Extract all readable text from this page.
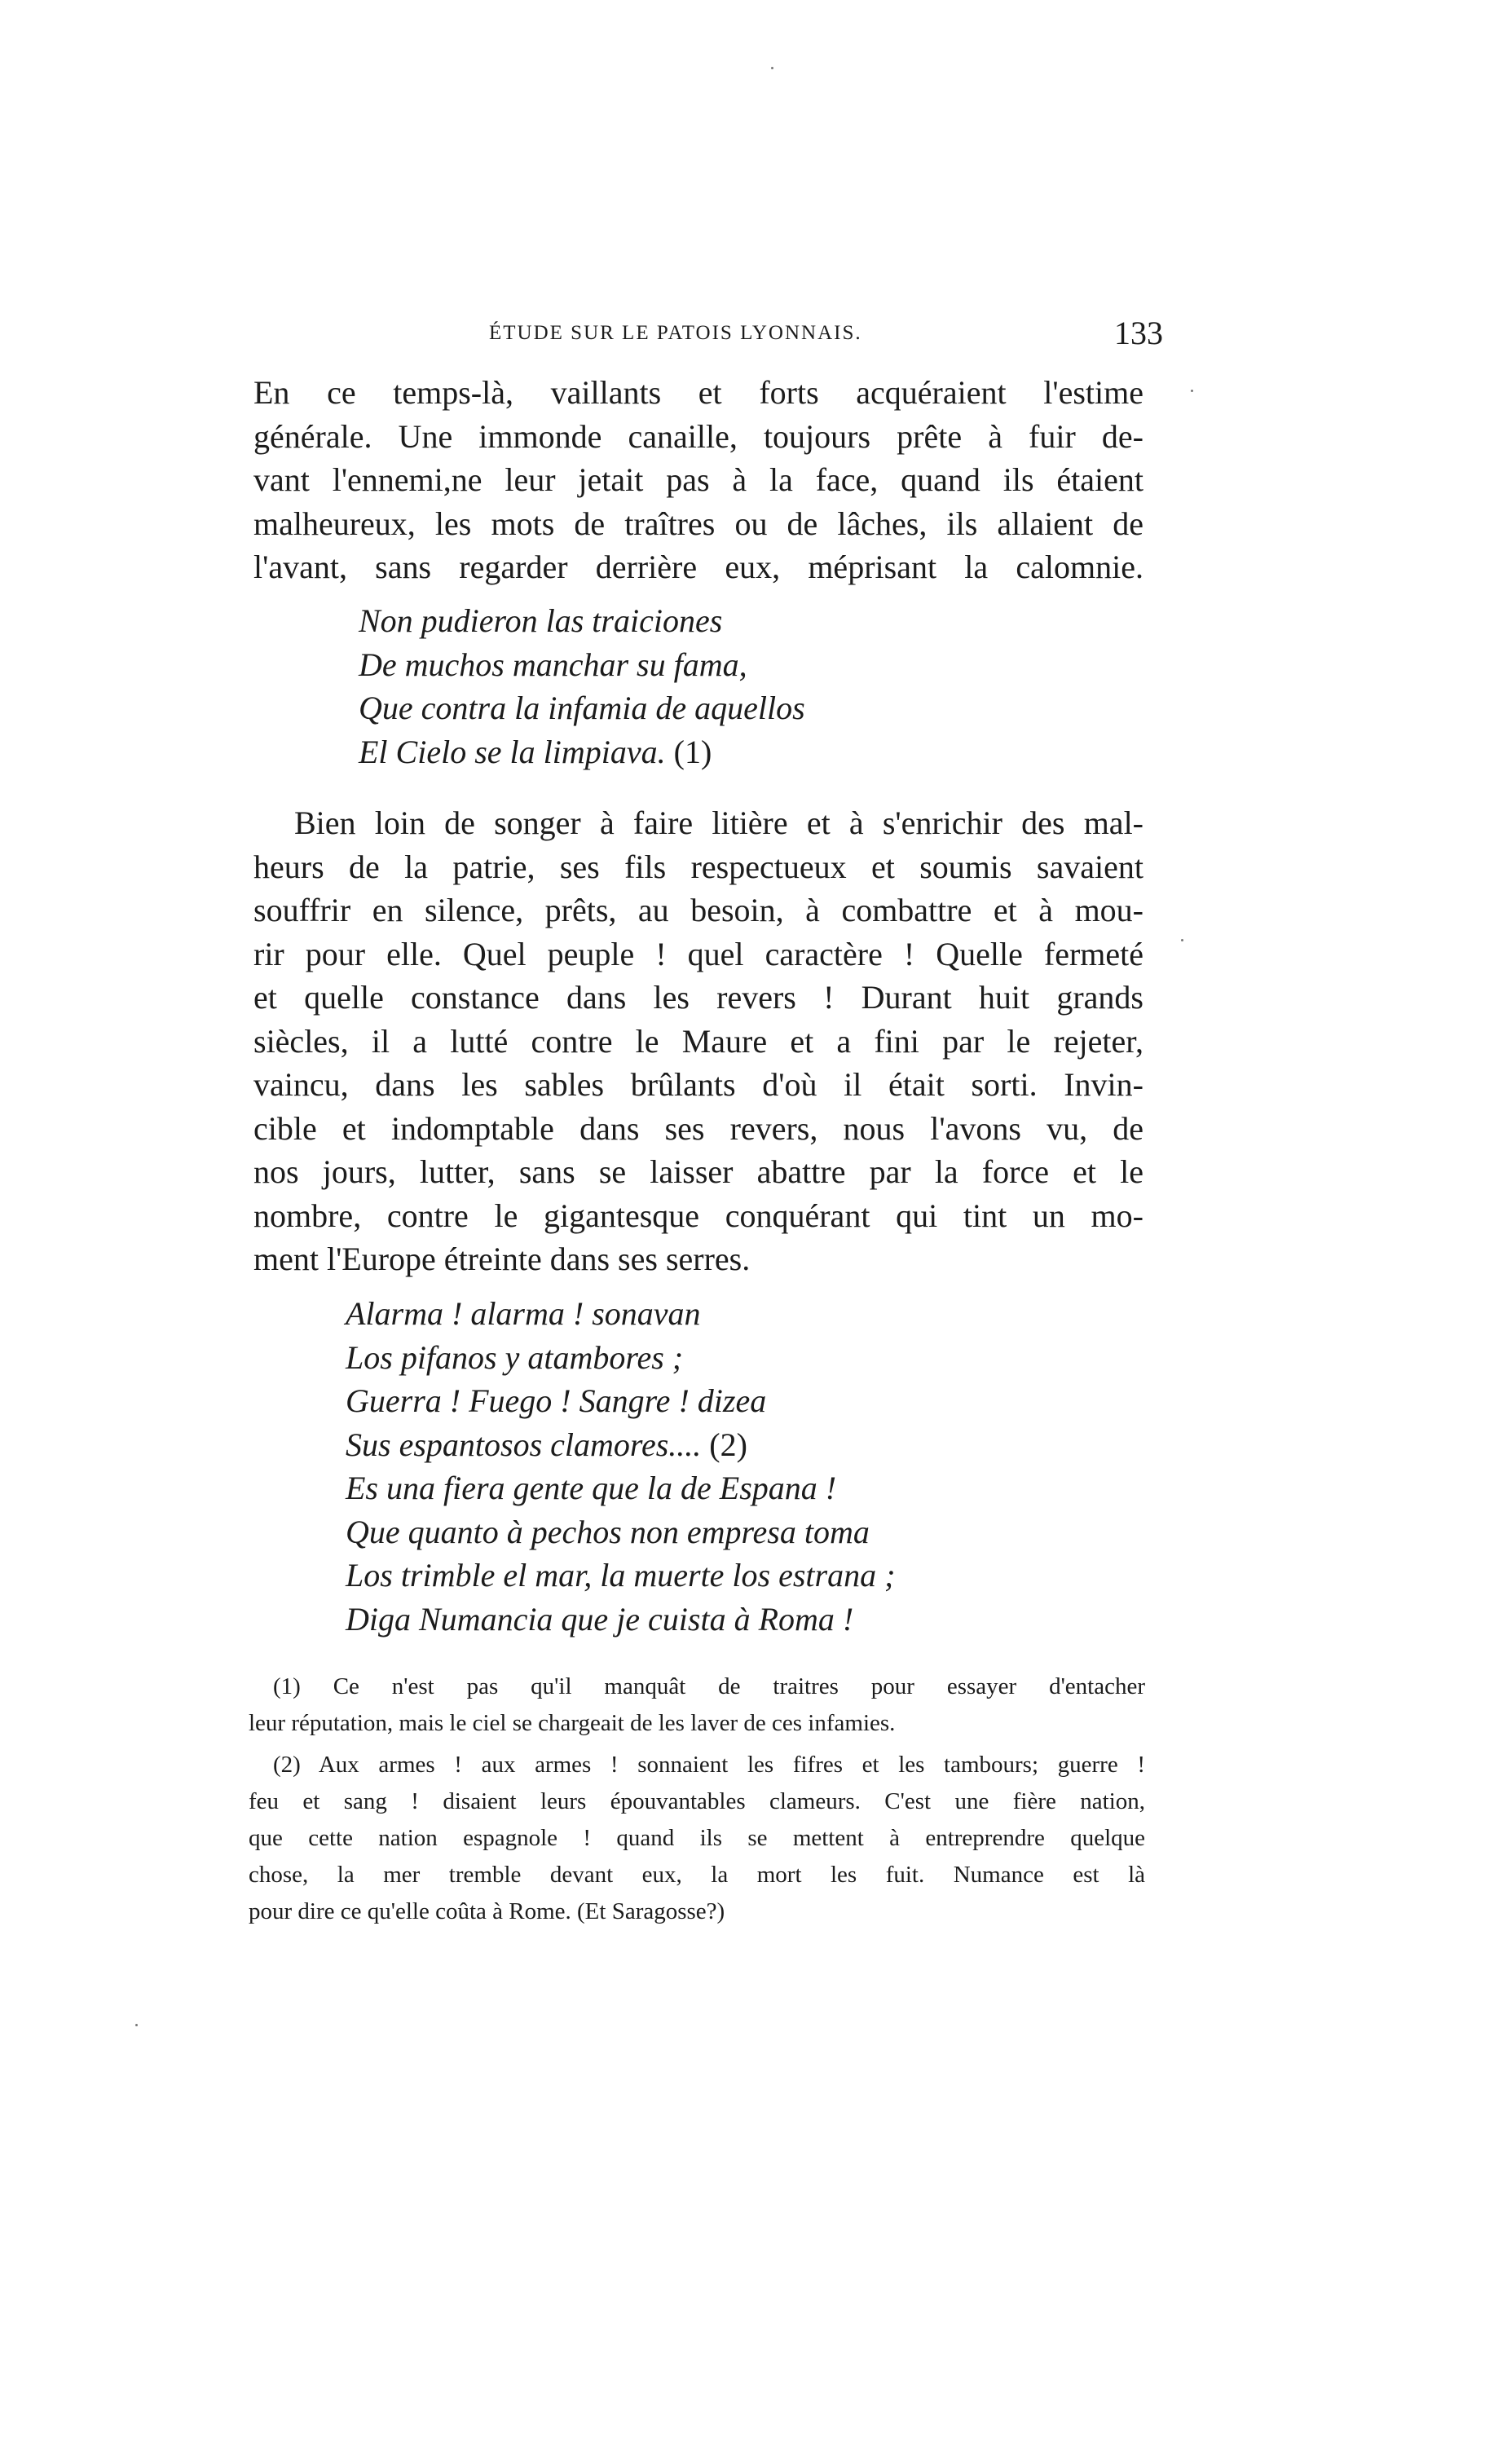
ÉTUDE SUR LE PATOIS LYONNAIS.	133
En ce temps-là, vaillants et forts acquéraient l'estime
générale. Une immonde canaille, toujours prête à fuir de-
vant l'ennemi,ne leur jetait pas à la face, quand ils étaient
malheureux, les mots de traîtres ou de lâches, ils allaient de
l'avant, sans regarder derrière eux, méprisant la calomnie.
Non pudieron las traiciones
De muchos manchar su fama,
Que contra la infamia de aquellos
El Cielo se la limpiava. (1)
Bien loin de songer à faire litière et à s'enrichir des mal-
heurs de la patrie, ses fils respectueux et soumis savaient
souffrir en silence, prêts, au besoin, à combattre et à mou-
rir pour elle. Quel peuple ! quel caractère ! Quelle fermeté
et quelle constance dans les revers ! Durant huit grands
siècles, il a lutté contre le Maure et a fini par le rejeter,
vaincu, dans les sables brûlants d'où il était sorti. Invin-
cible et indomptable dans ses revers, nous l'avons vu, de
nos jours, lutter, sans se laisser abattre par la force et le
nombre, contre le gigantesque conquérant qui tint un mo-
ment l'Europe étreinte dans ses serres.
Alarma ! alarma ! sonavan
Los pifanos y atambores ;
Guerra ! Fuego ! Sangre ! dizea
Sus espantosos clamores.... (2)
Es una fiera gente que la de Espana !
Que quanto à pechos non empresa toma
Los trimble el mar, la muerte los estrana ;
Diga Numancia que je cuista à Roma !
(1) Ce n'est pas qu'il manquât de traitres pour essayer d'entacher
leur réputation, mais le ciel se chargeait de les laver de ces infamies.
(2) Aux armes ! aux armes ! sonnaient les fifres et les tambours; guerre !
feu et sang ! disaient leurs épouvantables clameurs. C'est une fière nation,
que cette nation espagnole ! quand ils se mettent à entreprendre quelque
chose, la mer tremble devant eux, la mort les fuit. Numance est là
pour dire ce qu'elle coûta à Rome. (Et Saragosse?)
